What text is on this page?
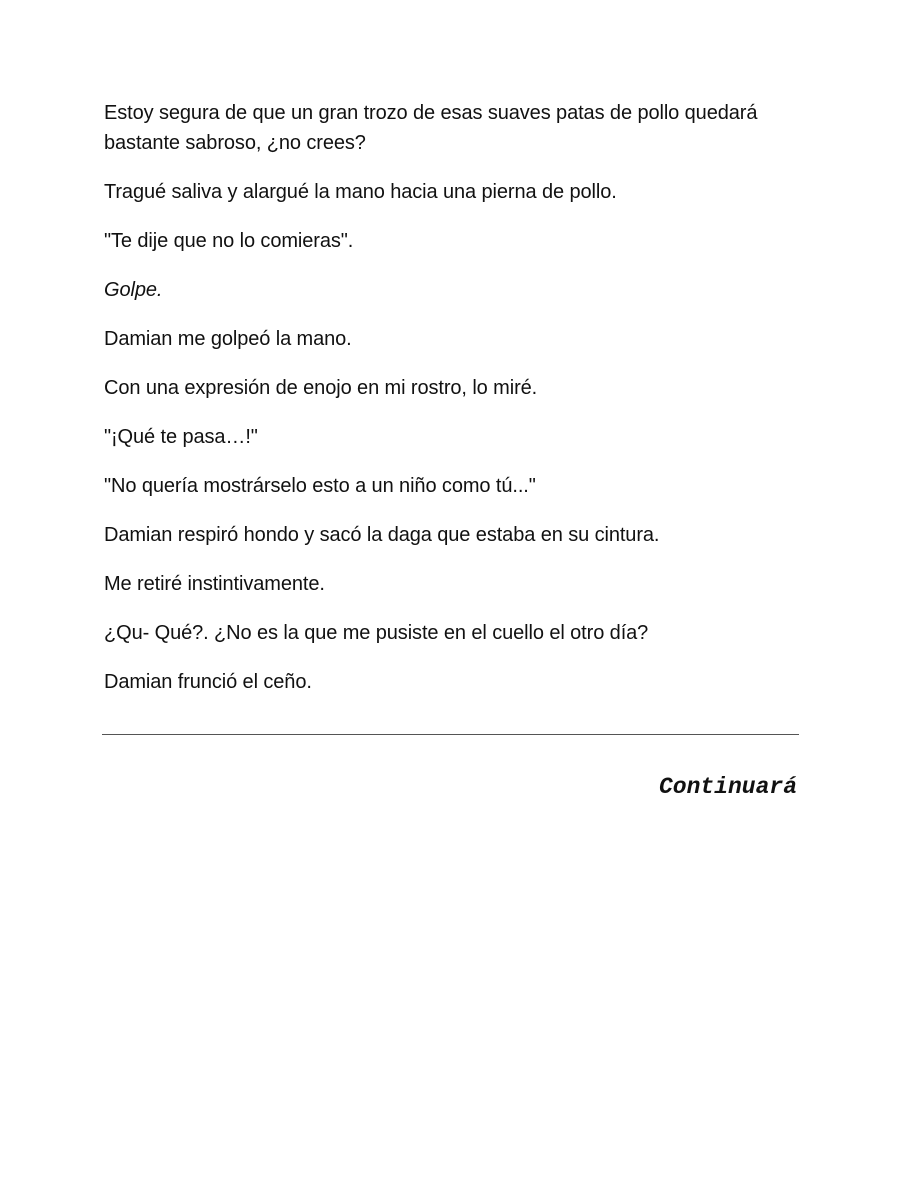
Estoy segura de que un gran trozo de esas suaves patas de pollo quedará bastante sabroso, ¿no crees?

Tragué saliva y alargué la mano hacia una pierna de pollo.

"Te dije que no lo comieras".

Golpe.

Damian me golpeó la mano.

Con una expresión de enojo en mi rostro, lo miré.

"¡Qué te pasa…!"

"No quería mostrárselo esto a un niño como tú..."

Damian respiró hondo y sacó la daga que estaba en su cintura.

Me retiré instintivamente.

¿Qu- Qué?. ¿No es la que me pusiste en el cuello el otro día?

Damian frunció el ceño.

Continuará
